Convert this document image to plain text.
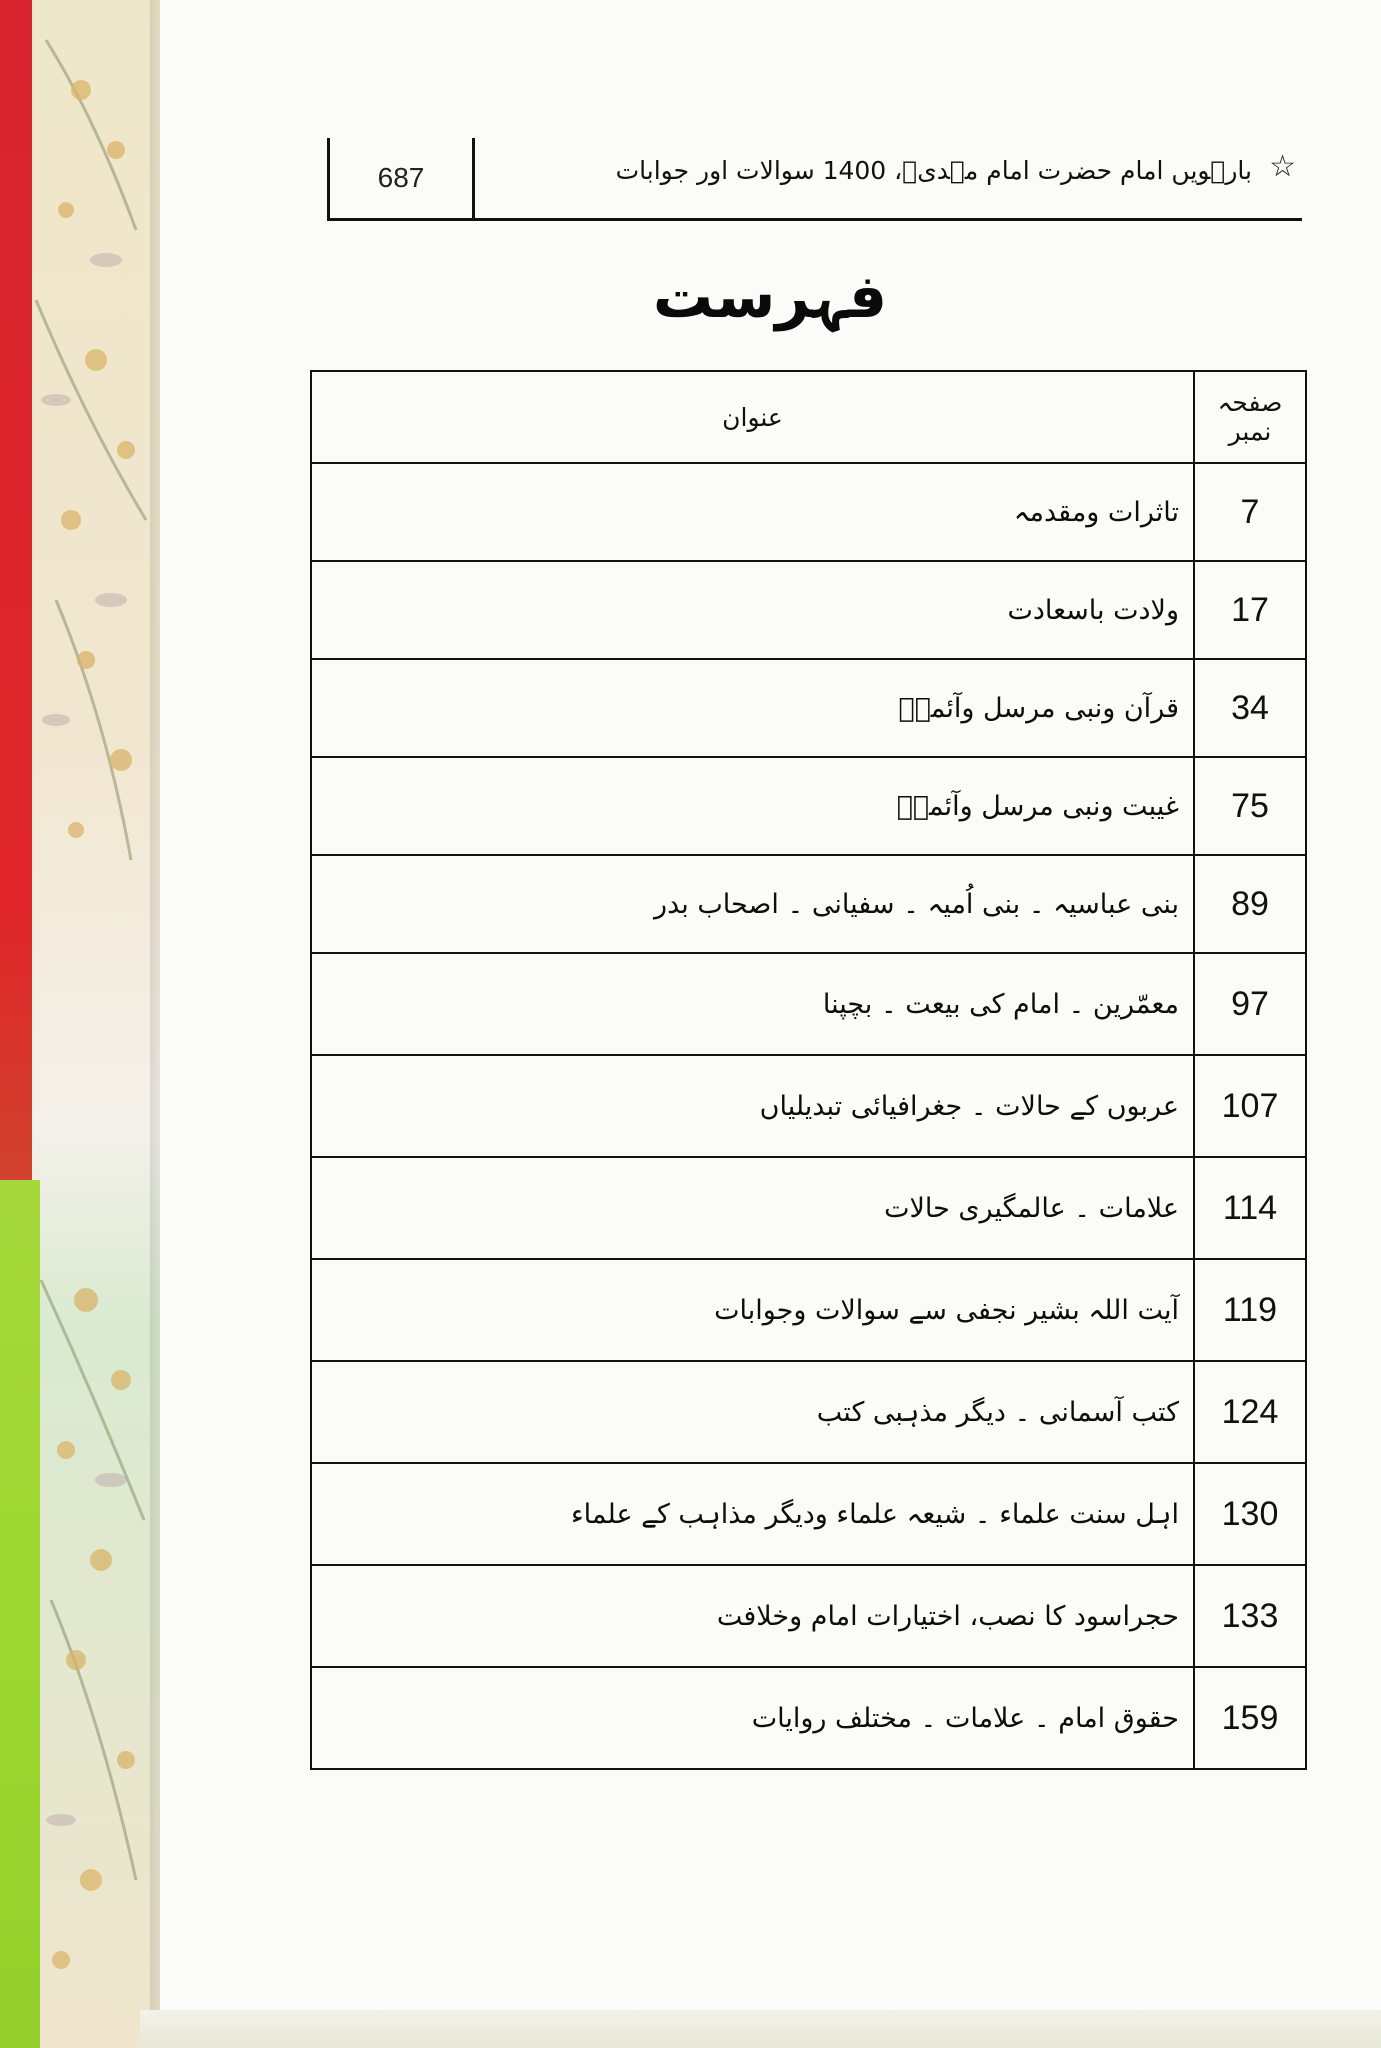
687	بارہویں امام حضرت امام مہدیؑ، 1400 سوالات اور جوابات ☆
فہرست
صفحہ نمبر	عنوان
7	تاثرات ومقدمہ
17	ولادت باسعادت
34	قرآن ونبی مرسل وآئمہؑ
75	غیبت ونبی مرسل وآئمہؑ
89	بنی عباسیہ ۔ بنی اُمیہ ۔ سفیانی ۔ اصحاب بدر
97	معمّرین ۔ امام کی بیعت ۔ بچپنا
107	عربوں کے حالات ۔ جغرافیائی تبدیلیاں
114	علامات ۔ عالمگیری حالات
119	آیت اللہ بشیر نجفی سے سوالات وجوابات
124	کتب آسمانی ۔ دیگر مذہبی کتب
130	اہل سنت علماء ۔ شیعہ علماء ودیگر مذاہب کے علماء
133	حجراسود کا نصب، اختیارات امام وخلافت
159	حقوق امام ۔ علامات ۔ مختلف روایات
